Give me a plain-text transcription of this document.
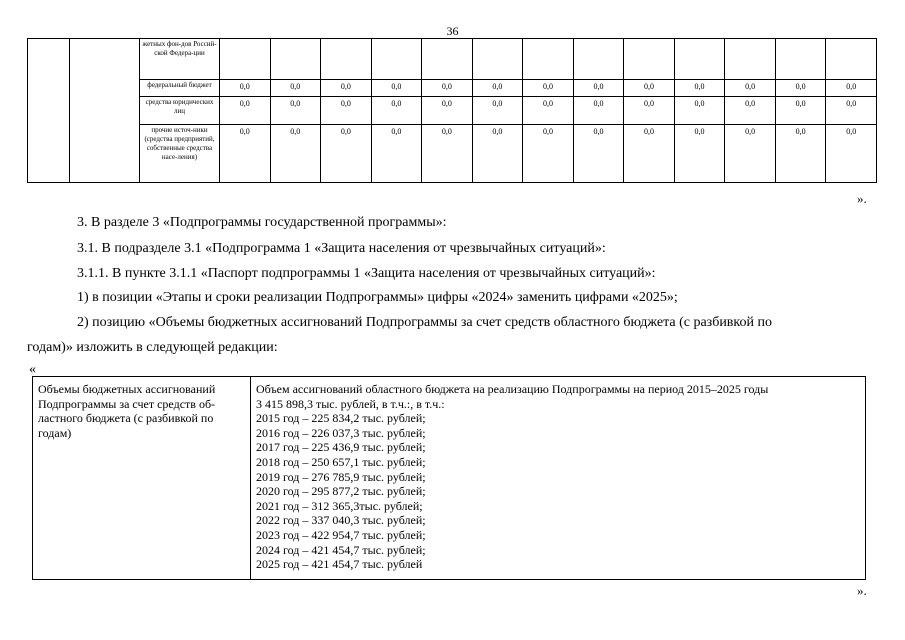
36
		жетных фон-дов Россий-ской Федера-ции													
		федеральный бюджет	0,0	0,0	0,0	0,0	0,0	0,0	0,0	0,0	0,0	0,0	0,0	0,0	0,0
		средства юридических лиц	0,0	0,0	0,0	0,0	0,0	0,0	0,0	0,0	0,0	0,0	0,0	0,0	0,0
		прочие источ-ники (средства предприятий, собственные средства насе-ления)	0,0	0,0	0,0	0,0	0,0	0,0	0,0	0,0	0,0	0,0	0,0	0,0	0,0
».
3. В разделе 3 «Подпрограммы государственной программы»:
3.1. В подразделе 3.1 «Подпрограмма 1 «Защита населения от чрезвычайных ситуаций»:
3.1.1. В пункте 3.1.1 «Паспорт подпрограммы 1 «Защита населения от чрезвычайных ситуаций»:
1) в позиции «Этапы и сроки реализации Подпрограммы» цифры «2024» заменить цифрами «2025»;
2) позицию «Объемы бюджетных ассигнований Подпрограммы за счет средств областного бюджета (с разбивкой по
годам)» изложить в следующей редакции:
«
Объемы бюджетных ассигнований
Подпрограммы за счет средств об-
ластного бюджета (с разбивкой по
годам)

Объем ассигнований областного бюджета на реализацию Подпрограммы на период 2015–2025 годы
3 415 898,3 тыс. рублей, в т.ч.:, в т.ч.:
2015 год – 225 834,2 тыс. рублей;
2016 год – 226 037,3 тыс. рублей;
2017 год – 225 436,9 тыс. рублей;
2018 год – 250 657,1 тыс. рублей;
2019 год – 276 785,9 тыс. рублей;
2020 год – 295 877,2 тыс. рублей;
2021 год – 312 365,3тыс. рублей;
2022 год – 337 040,3 тыс. рублей;
2023 год – 422 954,7 тыс. рублей;
2024 год – 421 454,7 тыс. рублей;
2025 год – 421 454,7 тыс. рублей
».
